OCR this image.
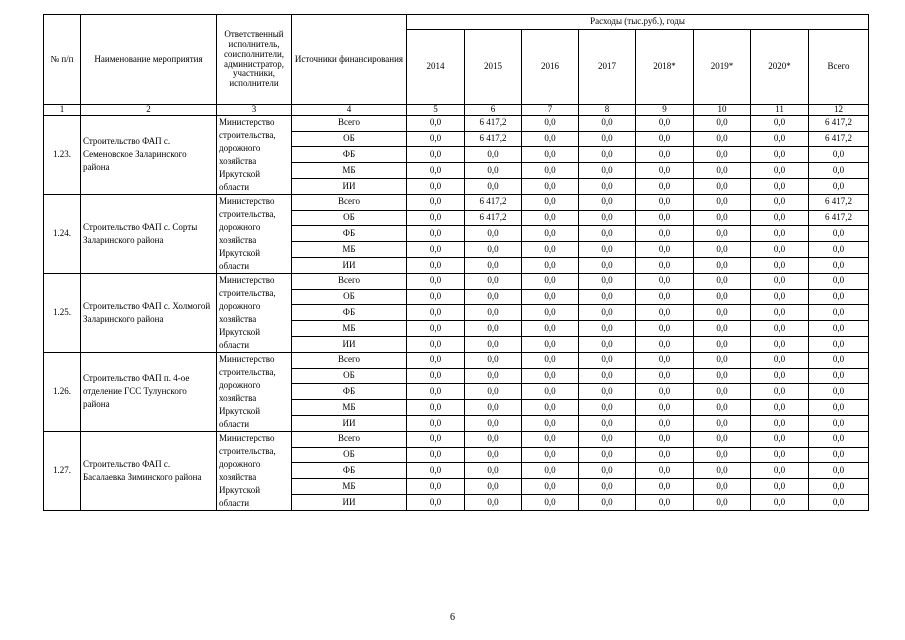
№ п/п	Наименование мероприятия	Ответственный исполнитель, соисполнители, администратор, участники, исполнители	Источники финансирования	Расходы (тыс.руб.), годы							
				2014	2015	2016	2017	2018*	2019*	2020*	Всего
1	2	3	4	5	6	7	8	9	10	11	12
1.23.	Строительство ФАП с. Семеновское Заларинского района	Министерство строительства, дорожного хозяйства Иркутской области	Всего	0,0	6 417,2	0,0	0,0	0,0	0,0	0,0	6 417,2
			ОБ	0,0	6 417,2	0,0	0,0	0,0	0,0	0,0	6 417,2
			ФБ	0,0	0,0	0,0	0,0	0,0	0,0	0,0	0,0
			МБ	0,0	0,0	0,0	0,0	0,0	0,0	0,0	0,0
			ИИ	0,0	0,0	0,0	0,0	0,0	0,0	0,0	0,0
1.24.	Строительство ФАП с. Сорты Заларинского района	Министерство строительства, дорожного хозяйства Иркутской области	Всего	0,0	6 417,2	0,0	0,0	0,0	0,0	0,0	6 417,2
			ОБ	0,0	6 417,2	0,0	0,0	0,0	0,0	0,0	6 417,2
			ФБ	0,0	0,0	0,0	0,0	0,0	0,0	0,0	0,0
			МБ	0,0	0,0	0,0	0,0	0,0	0,0	0,0	0,0
			ИИ	0,0	0,0	0,0	0,0	0,0	0,0	0,0	0,0
1.25.	Строительство ФАП с. Холмогой Заларинского района	Министерство строительства, дорожного хозяйства Иркутской области	Всего	0,0	0,0	0,0	0,0	0,0	0,0	0,0	0,0
			ОБ	0,0	0,0	0,0	0,0	0,0	0,0	0,0	0,0
			ФБ	0,0	0,0	0,0	0,0	0,0	0,0	0,0	0,0
			МБ	0,0	0,0	0,0	0,0	0,0	0,0	0,0	0,0
			ИИ	0,0	0,0	0,0	0,0	0,0	0,0	0,0	0,0
1.26.	Строительство ФАП п. 4-ое отделение ГСС Тулунского района	Министерство строительства, дорожного хозяйства Иркутской области	Всего	0,0	0,0	0,0	0,0	0,0	0,0	0,0	0,0
			ОБ	0,0	0,0	0,0	0,0	0,0	0,0	0,0	0,0
			ФБ	0,0	0,0	0,0	0,0	0,0	0,0	0,0	0,0
			МБ	0,0	0,0	0,0	0,0	0,0	0,0	0,0	0,0
			ИИ	0,0	0,0	0,0	0,0	0,0	0,0	0,0	0,0
1.27.	Строительство ФАП с. Басалаевка Зиминского района	Министерство строительства, дорожного хозяйства Иркутской области	Всего	0,0	0,0	0,0	0,0	0,0	0,0	0,0	0,0
			ОБ	0,0	0,0	0,0	0,0	0,0	0,0	0,0	0,0
			ФБ	0,0	0,0	0,0	0,0	0,0	0,0	0,0	0,0
			МБ	0,0	0,0	0,0	0,0	0,0	0,0	0,0	0,0
			ИИ	0,0	0,0	0,0	0,0	0,0	0,0	0,0	0,0
6
